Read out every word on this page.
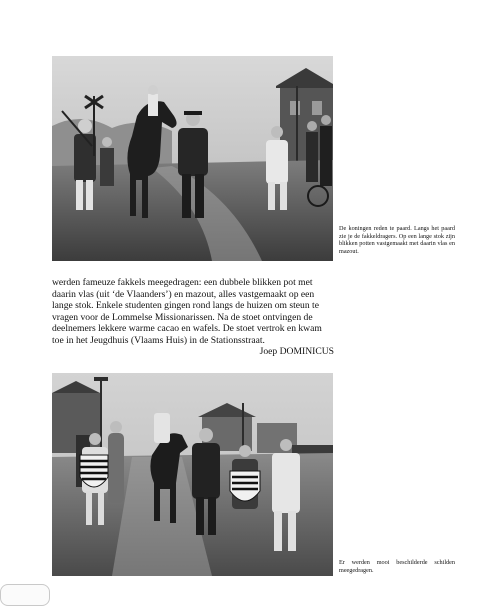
De koningen reden te paard. Langs het paard zie je de fakkeldragers. Op een lange stok zijn blikken potten vastgemaakt met daarin vlas en mazout.

werden fameuze fakkels meegedragen: een dubbele blikken pot met daarin vlas (uit ‘de Vlaanders’) en mazout, alles vastgemaakt op een lange stok. Enkele studenten gingen rond langs de huizen om steun te vragen voor de Lommelse Missionarissen. Na de stoet ontvingen de deelnemers lekkere warme cacao en wafels. De stoet vertrok en kwam toe in het Jeugdhuis (Vlaams Huis) in de Stationsstraat.

Joep DOMINICUS
Er werden mooi beschilderde schilden meegedragen.
